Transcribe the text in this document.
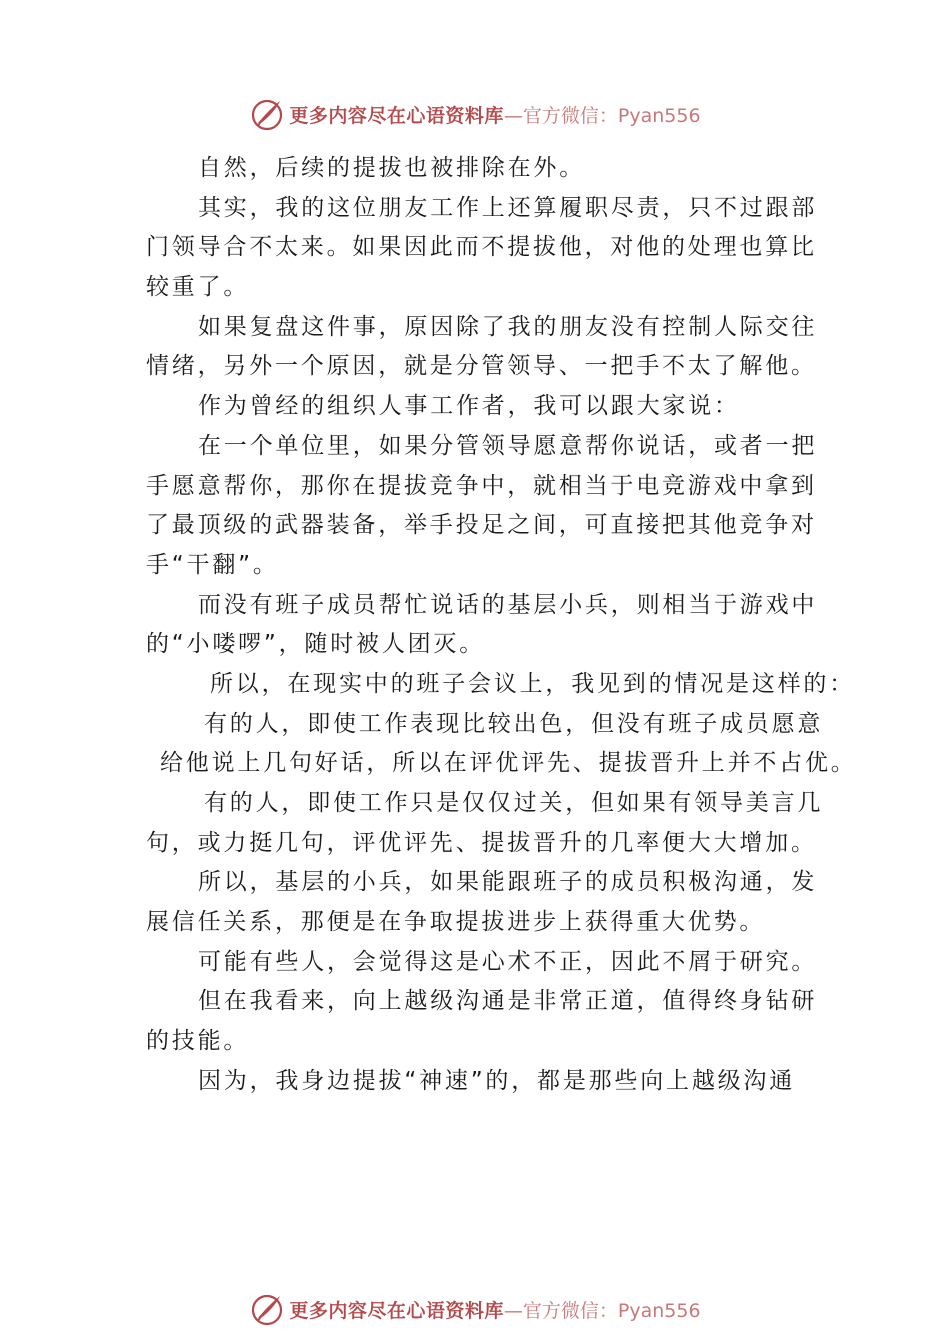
更多内容尽在心语资料库 —官方微信：Pyan556
自然，后续的提拔也被排除在外。
其实，我的这位朋友工作上还算履职尽责，只不过跟部
门领导合不太来。如果因此而不提拔他，对他的处理也算比
较重了。
如果复盘这件事，原因除了我的朋友没有控制人际交往
情绪，另外一个原因，就是分管领导、一把手不太了解他。
作为曾经的组织人事工作者，我可以跟大家说：
在一个单位里，如果分管领导愿意帮你说话，或者一把
手愿意帮你，那你在提拔竞争中，就相当于电竞游戏中拿到
了最顶级的武器装备，举手投足之间，可直接把其他竞争对
手“干翻”。
而没有班子成员帮忙说话的基层小兵，则相当于游戏中
的“小喽啰”，随时被人团灭。
所以，在现实中的班子会议上，我见到的情况是这样的：
有的人，即使工作表现比较出色，但没有班子成员愿意
给他说上几句好话，所以在评优评先、提拔晋升上并不占优。
有的人，即使工作只是仅仅过关，但如果有领导美言几
句，或力挺几句，评优评先、提拔晋升的几率便大大增加。
所以，基层的小兵，如果能跟班子的成员积极沟通，发
展信任关系，那便是在争取提拔进步上获得重大优势。
可能有些人，会觉得这是心术不正，因此不屑于研究。
但在我看来，向上越级沟通是非常正道，值得终身钻研
的技能。
因为，我身边提拔“神速”的，都是那些向上越级沟通
更多内容尽在心语资料库 —官方微信：Pyan556
